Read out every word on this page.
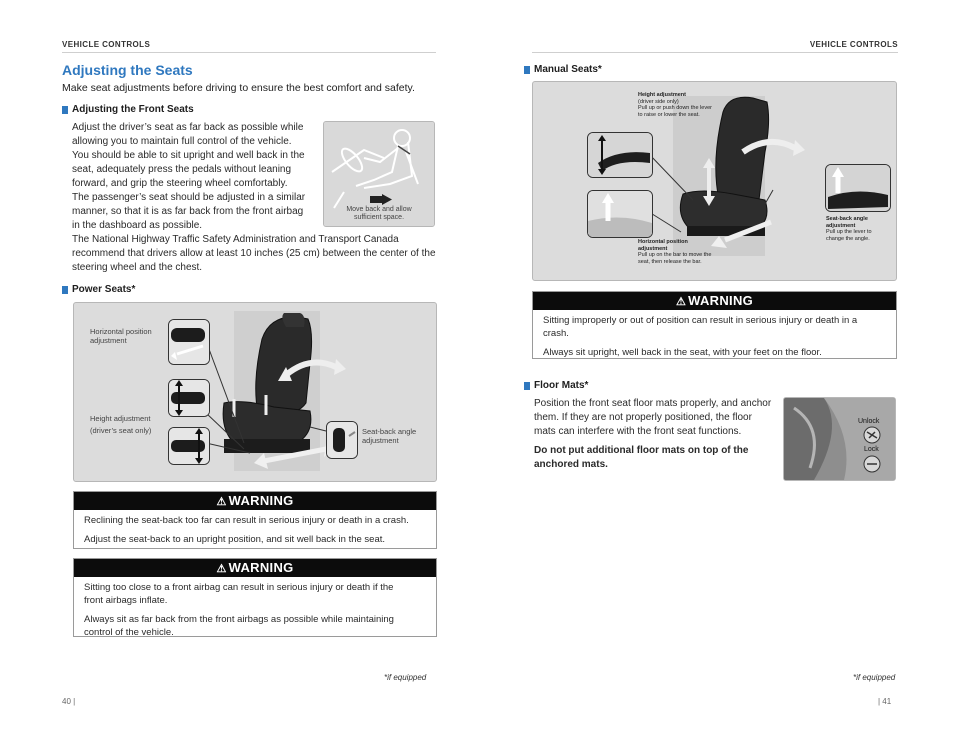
VEHICLE CONTROLS
Adjusting the Seats
Make seat adjustments before driving to ensure the best comfort and safety.
Adjusting the Front Seats
Adjust the driver’s seat as far back as possible while
allowing you to maintain full control of the vehicle.
You should be able to sit upright and well back in the
seat, adequately press the pedals without leaning
forward, and grip the steering wheel comfortably.
The passenger’s seat should be adjusted in a similar
manner, so that it is as far back from the front airbag
in the dashboard as possible.
The National Highway Traffic Safety Administration and Transport Canada
recommend that drivers allow at least 10 inches (25 cm) between the center of the
steering wheel and the chest.
Move back and allow
sufficient space.
Power Seats*
Horizontal position
adjustment
Height adjustment
(driver’s seat only)	Seat-back angle
adjustment
⚠ WARNING

Reclining the seat-back too far can result in serious injury or death in a crash.

Adjust the seat-back to an upright position, and sit well back in the seat.

⚠ WARNING

Sitting too close to a front airbag can result in serious injury or death if the
front airbags inflate.

Always sit as far back from the front airbags as possible while maintaining
control of the vehicle.

*if equipped
40 |
VEHICLE CONTROLS
Manual Seats*
Height adjustment
(driver side only)
Pull up or push down the lever
to raise or lower the seat.
Horizontal position
adjustment
Pull up on the bar to move the
seat, then release the bar.
Seat-back angle
adjustment
Pull up the lever to
change the angle.
⚠ WARNING

Sitting improperly or out of position can result in serious injury or death in a
crash.

Always sit upright, well back in the seat, with your feet on the floor.

Floor Mats*

Position the front seat floor mats properly, and anchor
them. If they are not properly positioned, the floor
mats can interfere with the front seat functions.

Do not put additional floor mats on top of the
anchored mats.

Unlock
Lock
*if equipped
| 41
